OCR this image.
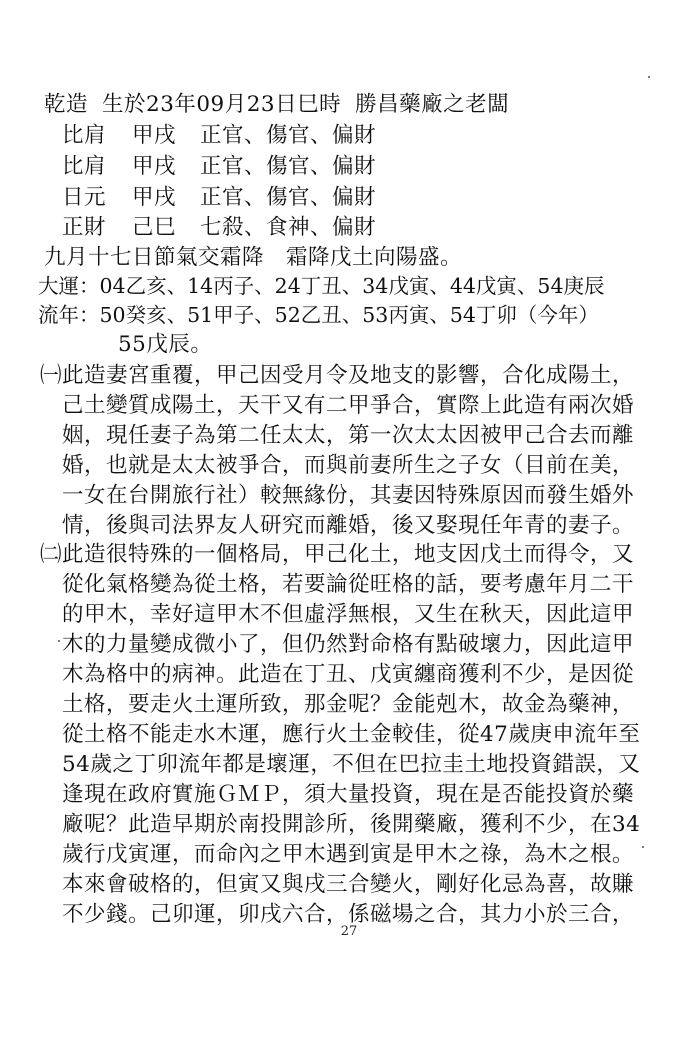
乾造 生於23年09月23日巳時 勝昌藥廠之老闆
比肩 甲戌 正官、傷官、偏財
比肩 甲戌 正官、傷官、偏財
日元 甲戌 正官、傷官、偏財
正財 己巳 七殺、食神、偏財
九月十七日節氣交霜降　霜降戊土向陽盛。
大運：04乙亥、14丙子、24丁丑、34戊寅、44戊寅、54庚辰
流年：50癸亥、51甲子、52乙丑、53丙寅、54丁卯（今年）
55戊辰。
㈠ 此造妻宮重覆，甲己因受月令及地支的影響，合化成陽土，
己土變質成陽土，天干又有二甲爭合，實際上此造有兩次婚
姻，現任妻子為第二任太太，第一次太太因被甲己合去而離
婚，也就是太太被爭合，而與前妻所生之子女（目前在美，
一女在台開旅行社）較無緣份，其妻因特殊原因而發生婚外
情，後與司法界友人研究而離婚，後又娶現任年青的妻子。
㈡ 此造很特殊的一個格局，甲己化土，地支因戊土而得令，又
從化氣格變為從土格，若要論從旺格的話，要考慮年月二干
的甲木，幸好這甲木不但虛浮無根，又生在秋天，因此這甲
木的力量變成微小了，但仍然對命格有點破壞力，因此這甲
木為格中的病神。此造在丁丑、戊寅纏商獲利不少，是因從
土格，要走火土運所致，那金呢？金能剋木，故金為藥神，
從土格不能走水木運，應行火土金較佳，從47歲庚申流年至
54歲之丁卯流年都是壞運，不但在巴拉圭土地投資錯誤，又
逢現在政府實施ＧＭＰ，須大量投資，現在是否能投資於藥
廠呢？此造早期於南投開診所，後開藥廠，獲利不少，在34
歲行戊寅運，而命內之甲木遇到寅是甲木之祿，為木之根。
本來會破格的，但寅又與戌三合變火，剛好化忌為喜，故賺
不少錢。己卯運，卯戌六合，係磁場之合，其力小於三合，
27
